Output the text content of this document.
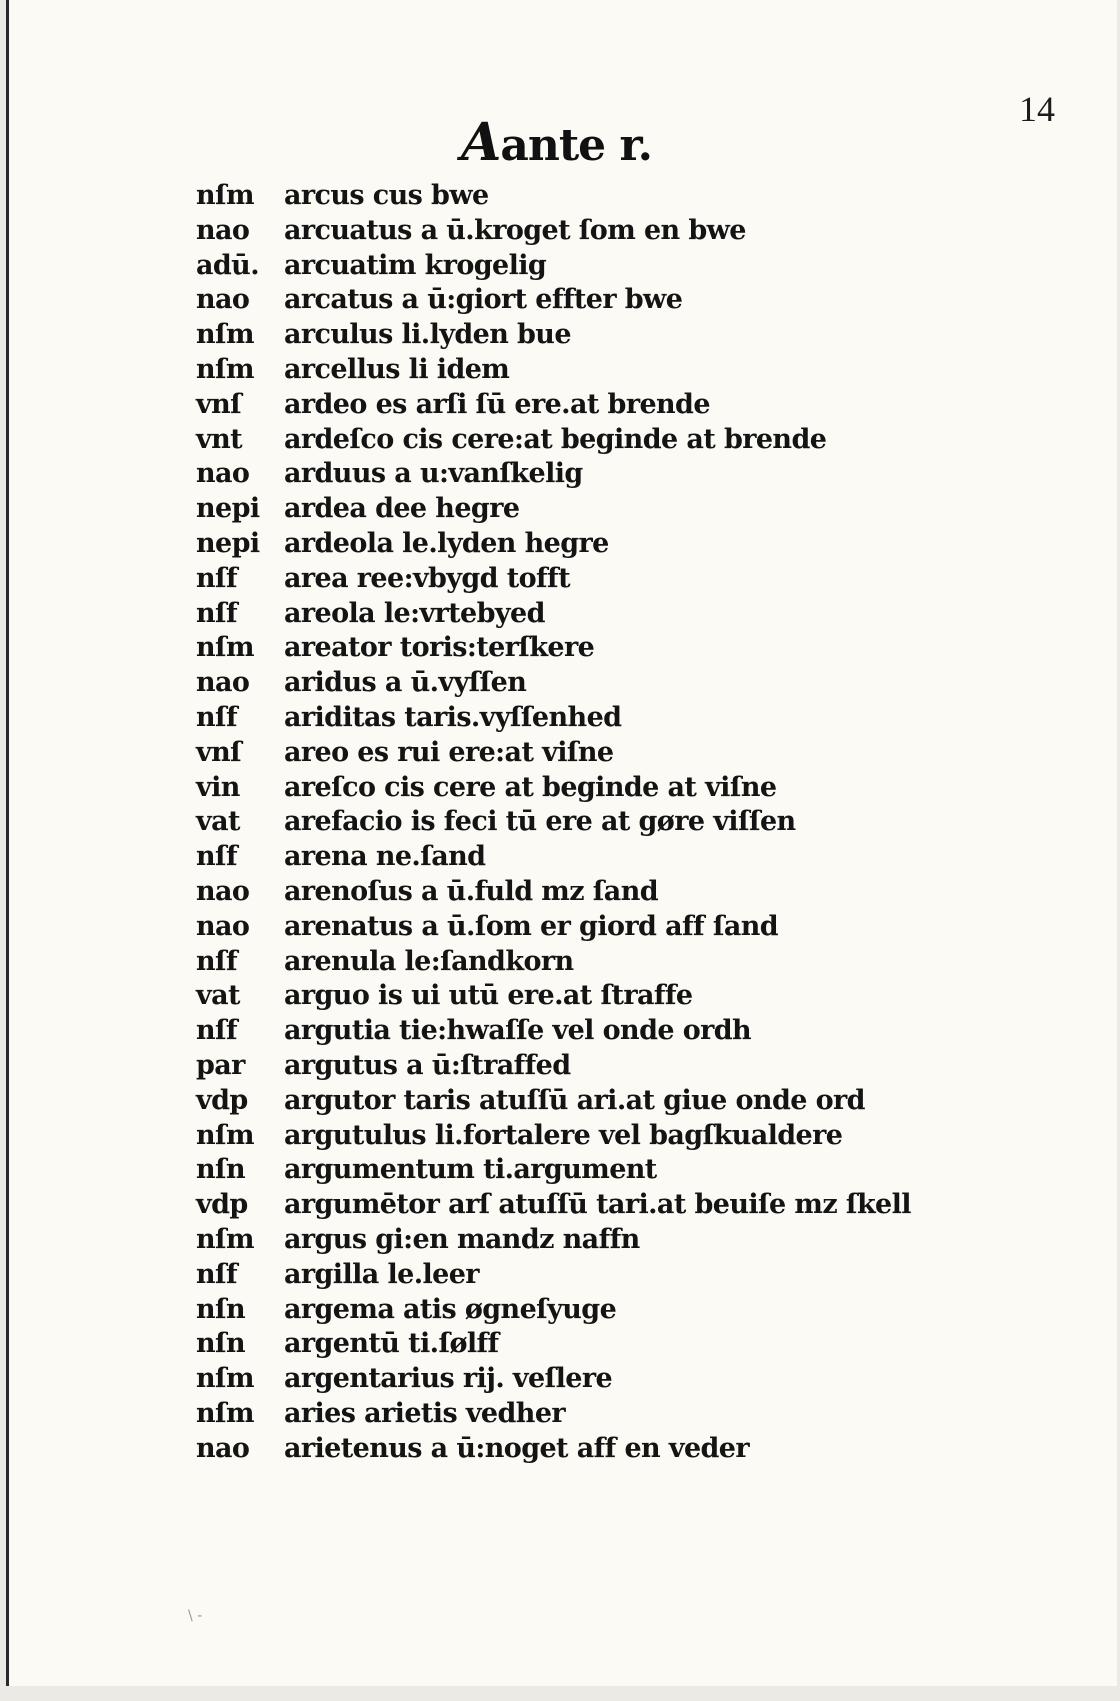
14
Aante r.
nſm	arcus cus bwe
nao	arcuatus a ū.kroget ſom en bwe
adū. arcuatim krogelig
nao	arcatus a ū:giort effter bwe
nſm	arculus li.lyden bue
nſm	arcellus li idem
vnſ	ardeo es arſi ſū ere.at brende
vnt	ardeſco cis cere:at beginde at brende
nao	arduus a u:vanſkelig
nepi ardea dee hegre
nepi ardeola le.lyden hegre
nſf	area ree:vbygd tofft
nſf	areola le:vrtebyed
nſm	areator toris:terſkere
nao	aridus a ū.vyſſen
nſf	ariditas taris.vyſſenhed
vnſ	areo es rui ere:at viſne
vin	areſco cis cere at beginde at viſne
vat	arefacio is feci tū ere at gøre viſſen
nſf	arena ne.ſand
nao	arenoſus a ū.fuld mz ſand
nao	arenatus a ū.ſom er giord aff ſand
nſf	arenula le:ſandkorn
vat	arguo is ui utū ere.at ſtraffe
nſf	argutia tie:hwaſſe vel onde ordh
par	argutus a ū:ſtraffed
vdp	argutor taris atuſſū ari.at giue onde ord
nſm	argutulus li.fortalere vel bagſkualdere
nſn	argumentum ti.argument
vdp	argumētor arſ atuſſū tari.at beuiſe mz ſkell
nſm	argus gi:en mandz naffn
nſf	argilla le.leer
nſn	argema atis øgneſyuge
nſn	argentū ti.ſølff
nſm	argentarius rij. veſlere
nſm	aries arietis vedher
nao	arietenus a ū:noget aff en veder
\ -
